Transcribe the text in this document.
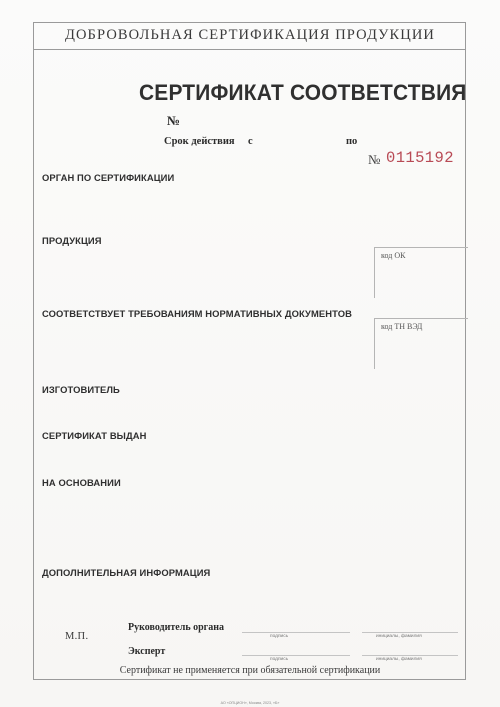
ДОБРОВОЛЬНАЯ СЕРТИФИКАЦИЯ ПРОДУКЦИИ
СЕРТИФИКАТ СООТВЕТСТВИЯ
№
Срок действия с	по
№ 0115192
ОРГАН ПО СЕРТИФИКАЦИИ
ПРОДУКЦИЯ
код ОК
СООТВЕТСТВУЕТ ТРЕБОВАНИЯМ НОРМАТИВНЫХ ДОКУМЕНТОВ
код ТН ВЭД
ИЗГОТОВИТЕЛЬ
СЕРТИФИКАТ ВЫДАН
НА ОСНОВАНИИ
ДОПОЛНИТЕЛЬНАЯ ИНФОРМАЦИЯ
М.П.
Руководитель органа
подпись	инициалы, фамилия
Эксперт
подпись	инициалы, фамилия
Сертификат не применяется при обязательной сертификации
АО «ОПЦИОН», Москва, 2023, «Б»
